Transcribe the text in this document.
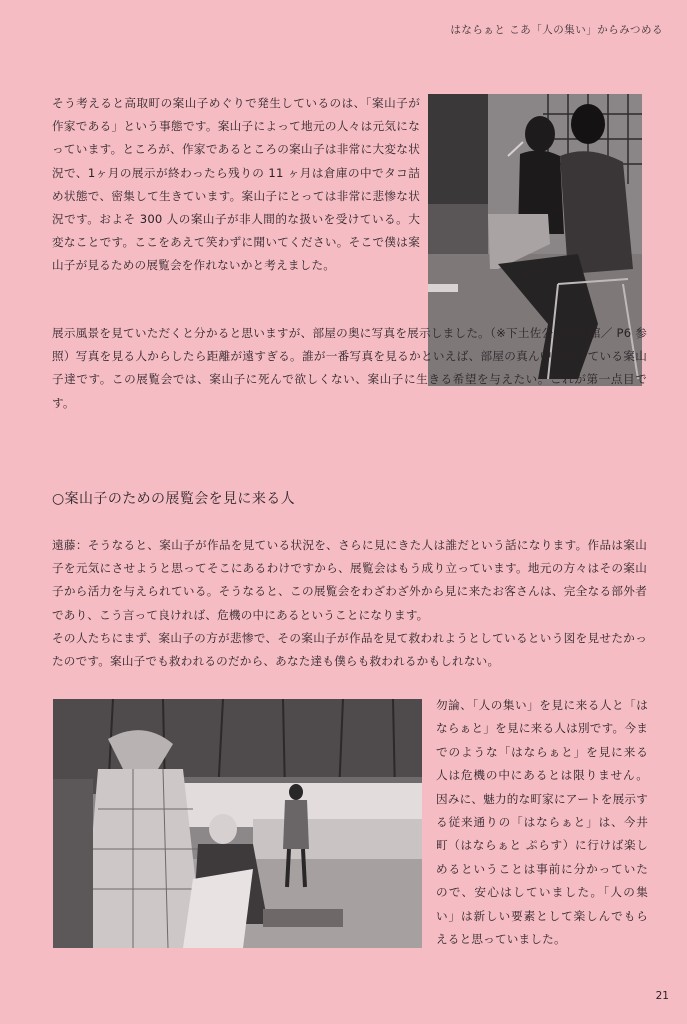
はならぁと こあ「人の集い」からみつめる

そう考えると高取町の案山子めぐりで発生しているのは、「案山子が作家である」という事態です。案山子によって地元の人々は元気になっています。ところが、作家であるところの案山子は非常に大変な状況で、1ヶ月の展示が終わったら残りの 11 ヶ月は倉庫の中でタコ詰め状態で、密集して生きています。案山子にとっては非常に悲惨な状況です。およそ 300 人の案山子が非人間的な扱いを受けている。大変なことです。ここをあえて笑わずに聞いてください。そこで僕は案山子が見るための展覧会を作れないかと考えました。

展示風景を見ていただくと分かると思いますが、部屋の奥に写真を展示しました。（※下土佐公民館別館／ P6 参照）写真を見る人からしたら距離が遠すぎる。誰が一番写真を見るかといえば、部屋の真ん中に座っている案山子達です。この展覧会では、案山子に死んで欲しくない、案山子に生きる希望を与えたい。これが第一点目です。

○案山子のための展覧会を見に来る人
遠藤：そうなると、案山子が作品を見ている状況を、さらに見にきた人は誰だという話になります。作品は案山子を元気にさせようと思ってそこにあるわけですから、展覧会はもう成り立っています。地元の方々はその案山子から活力を与えられている。そうなると、この展覧会をわざわざ外から見に来たお客さんは、完全なる部外者であり、こう言って良ければ、危機の中にあるということになります。
その人たちにまず、案山子の方が悲惨で、その案山子が作品を見て救われようとしているという図を見せたかったのです。案山子でも救われるのだから、あなた達も僕らも救われるかもしれない。

勿論、「人の集い」を見に来る人と「はならぁと」を見に来る人は別です。今までのような「はならぁと」を見に来る人は危機の中にあるとは限りません。因みに、魅力的な町家にアートを展示する従来通りの「はならぁと」は、今井町（はならぁと ぷらす）に行けば楽しめるということは事前に分かっていたので、安心はしていました。「人の集い」は新しい要素として楽しんでもらえると思っていました。

21
